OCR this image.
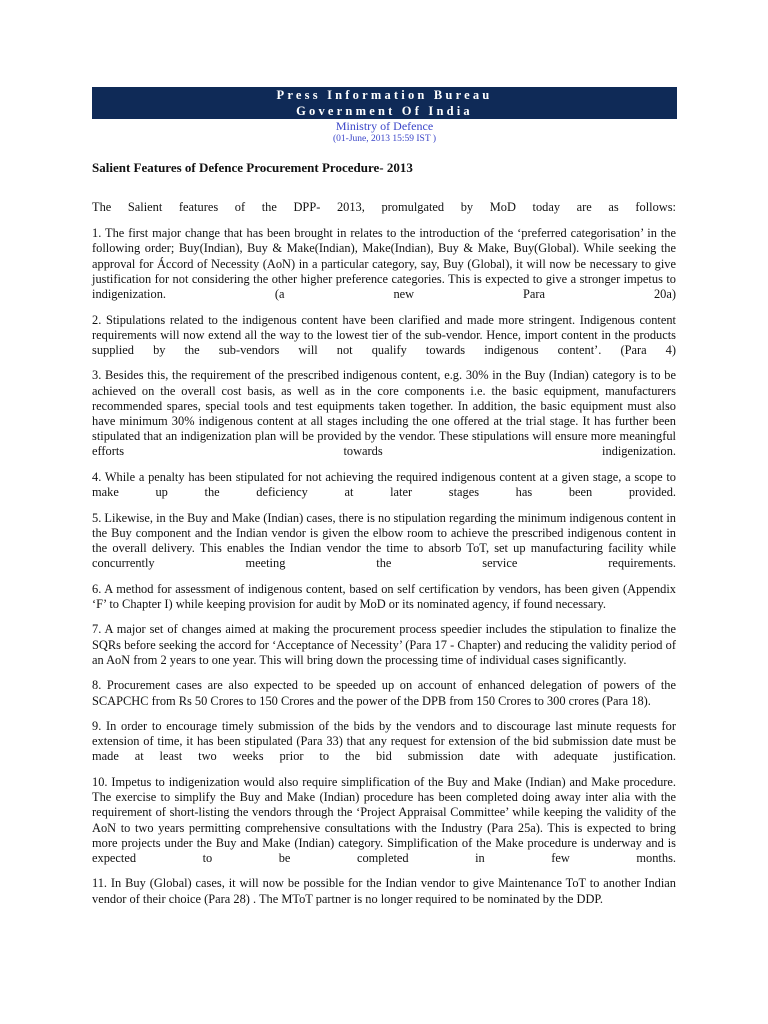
Press Information Bureau
Government Of India
Ministry of Defence
(01-June, 2013 15:59 IST )
Salient Features of Defence Procurement Procedure- 2013

The Salient features of the DPP- 2013, promulgated by MoD today are as follows:

1. The first major change that has been brought in relates to the introduction of the ‘preferred categorisation’ in the following order; Buy(Indian), Buy & Make(Indian), Make(Indian), Buy & Make, Buy(Global). While seeking the approval for Áccord of Necessity (AoN) in a particular category, say, Buy (Global), it will now be necessary to give justification for not considering the other higher preference categories. This is expected to give a stronger impetus to indigenization. (a new Para 20a)

2. Stipulations related to the indigenous content have been clarified and made more stringent. Indigenous content requirements will now extend all the way to the lowest tier of the sub-vendor. Hence, import content in the products supplied by the sub-vendors will not qualify towards indigenous content’. (Para 4)

3. Besides this, the requirement of the prescribed indigenous content, e.g. 30% in the Buy (Indian) category is to be achieved on the overall cost basis, as well as in the core components i.e. the basic equipment, manufacturers recommended spares, special tools and test equipments taken together. In addition, the basic equipment must also have minimum 30% indigenous content at all stages including the one offered at the trial stage. It has further been stipulated that an indigenization plan will be provided by the vendor. These stipulations will ensure more meaningful efforts towards indigenization.

4. While a penalty has been stipulated for not achieving the required indigenous content at a given stage, a scope to make up the deficiency at later stages has been provided.

5. Likewise, in the Buy and Make (Indian) cases, there is no stipulation regarding the minimum indigenous content in the Buy component and the Indian vendor is given the elbow room to achieve the prescribed indigenous content in the overall delivery. This enables the Indian vendor the time to absorb ToT, set up manufacturing facility while concurrently meeting the service requirements.

6. A method for assessment of indigenous content, based on self certification by vendors, has been given (Appendix ‘F’ to Chapter I) while keeping provision for audit by MoD or its nominated agency, if found necessary.

7. A major set of changes aimed at making the procurement process speedier includes the stipulation to finalize the SQRs before seeking the accord for ‘Acceptance of Necessity’ (Para 17 - Chapter) and reducing the validity period of an AoN from 2 years to one year. This will bring down the processing time of individual cases significantly.

8. Procurement cases are also expected to be speeded up on account of enhanced delegation of powers of the SCAPCHC from Rs 50 Crores to 150 Crores and the power of the DPB from 150 Crores to 300 crores (Para 18).

9. In order to encourage timely submission of the bids by the vendors and to discourage last minute requests for extension of time, it has been stipulated (Para 33) that any request for extension of the bid submission date must be made at least two weeks prior to the bid submission date with adequate justification.

10. Impetus to indigenization would also require simplification of the Buy and Make (Indian) and Make procedure. The exercise to simplify the Buy and Make (Indian) procedure has been completed doing away inter alia with the requirement of short-listing the vendors through the ‘Project Appraisal Committee’ while keeping the validity of the AoN to two years permitting comprehensive consultations with the Industry (Para 25a). This is expected to bring more projects under the Buy and Make (Indian) category. Simplification of the Make procedure is underway and is expected to be completed in few months.

11. In Buy (Global) cases, it will now be possible for the Indian vendor to give Maintenance ToT to another Indian vendor of their choice (Para 28) . The MToT partner is no longer required to be nominated by the DDP.
